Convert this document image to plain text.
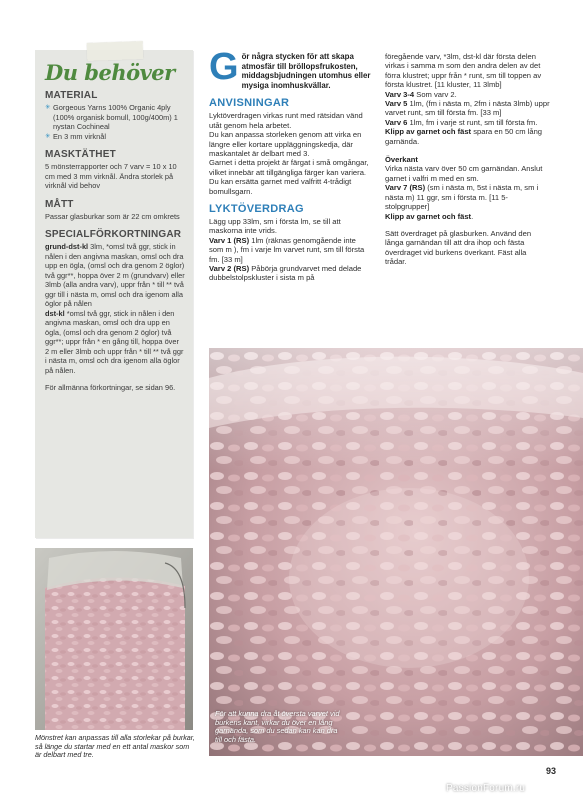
Du behöver
MATERIAL

✳ Gorgeous Yarns 100% Organic 4ply (100% organisk bomull, 100g/400m) 1 nystan Cochineal

✳ En 3 mm virknål

MASKTÄTHET

5 mönsterrapporter och 7 varv = 10 x 10 cm med 3 mm virknål. Ändra storlek på virknål vid behov

MÅTT

Passar glasburkar som är 22 cm omkrets

SPECIALFÖRKORTNINGAR

grund-dst-kl 3lm, *omsl två ggr, stick in nålen i den angivna maskan, omsl och dra upp en ögla, (omsl och dra genom 2 öglor) två ggr**, hoppa över 2 m (grundvarv) eller 3lmb (alla andra varv), uppr från * till ** två ggr till i nästa m, omsl och dra igenom alla öglor på nålen

dst-kl *omsl två ggr, stick in nålen i den angivna maskan, omsl och dra upp en ögla, (omsl och dra genom 2 öglor) två ggr**; uppr från * en gång till, hoppa över 2 m eller 3lmb och uppr från * till ** två ggr i nästa m, omsl och dra igenom alla öglor på nålen.

För allmänna förkortningar, se sidan 96.

Gör några stycken för att skapa atmosfär till bröllopsfrukosten, middagsbjudningen utomhus eller mysiga inomhuskvällar.
ANVISNINGAR

Lyktöverdragen virkas runt med rätsidan vänd utåt genom hela arbetet.

Du kan anpassa storleken genom att virka en längre eller kortare uppläggningskedja, där maskantalet är delbart med 3.

Garnet i detta projekt är färgat i små omgångar, vilket innebär att tillgängliga färger kan variera.

Du kan ersätta garnet med valfritt 4-trådigt bomullsgarn.

LYKTÖVERDRAG

Lägg upp 33lm, sm i första lm, se till att maskorna inte vrids.

Varv 1 (RS) 1lm (räknas genomgående inte som m ), fm i varje lm varvet runt, sm till första fm. [33 m]

Varv 2 (RS) Påbörja grundvarvet med delade dubbelstolpskluster i sista m på

föregående varv, *3lm, dst-kl där första delen virkas i samma m som den andra delen av det förra klustret; uppr från * runt, sm till toppen av första klustret. [11 kluster, 11 3lmb]

Varv 3-4 Som varv 2.

Varv 5 1lm, (fm i nästa m, 2fm i nästa 3lmb) uppr varvet runt, sm till första fm. [33 m]

Varv 6 1lm, fm i varje st runt, sm till första fm.

Klipp av garnet och fäst spara en 50 cm lång garnända.

Överkant

Virka nästa varv över 50 cm garnändan. Anslut garnet i valfri m med en sm.

Varv 7 (RS) (sm i nästa m, 5st i nästa m, sm i nästa m) 11 ggr, sm i första m. [11 5-stolpgrupper]

Klipp av garnet och fäst.

Sätt överdraget på glasburken. Använd den långa garnändan till att dra ihop och fästa överdraget vid burkens överkant. Fäst alla trådar.

För att kunna dra åt översta varvet vid burkens kant, virkar du över en lång garnända, som du sedan kan kan dra till och fästa.
Mönstret kan anpassas till alla storlekar på burkar, så länge du startar med en ett antal maskor som är delbart med tre.
93
PassionForum.ru
